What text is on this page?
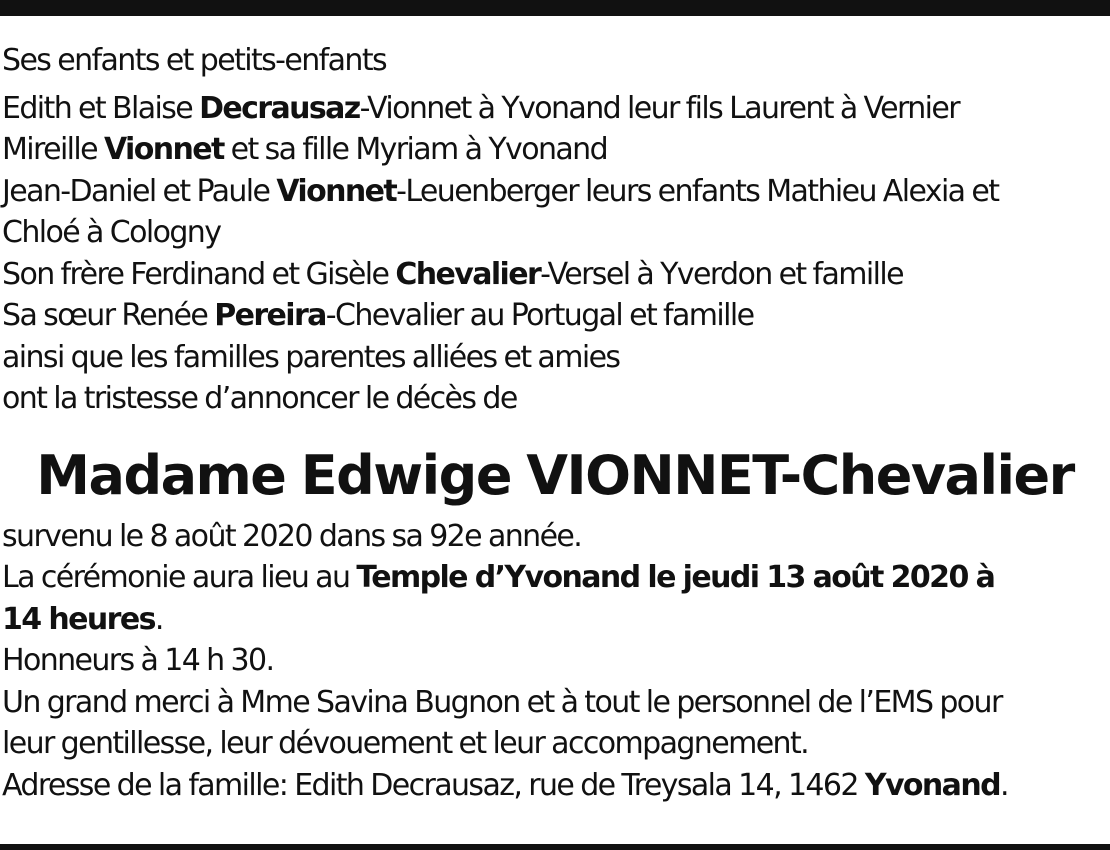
Ses enfants et petits-enfants
Edith et Blaise Decrausaz-Vionnet à Yvonand leur fils Laurent à Vernier
Mireille Vionnet et sa fille Myriam à Yvonand
Jean-Daniel et Paule Vionnet-Leuenberger leurs enfants Mathieu Alexia et
Chloé à Cologny
Son frère Ferdinand et Gisèle Chevalier-Versel à Yverdon et famille
Sa sœur Renée Pereira-Chevalier au Portugal et famille
ainsi que les familles parentes alliées et amies
ont la tristesse d’annoncer le décès de
Madame Edwige VIONNET-Chevalier
survenu le 8 août 2020 dans sa 92e année.
La cérémonie aura lieu au Temple d’Yvonand le jeudi 13 août 2020 à
14 heures.
Honneurs à 14 h 30.
Un grand merci à Mme Savina Bugnon et à tout le personnel de l’EMS pour
leur gentillesse, leur dévouement et leur accompagnement.
Adresse de la famille: Edith Decrausaz, rue de Treysala 14, 1462 Yvonand.
